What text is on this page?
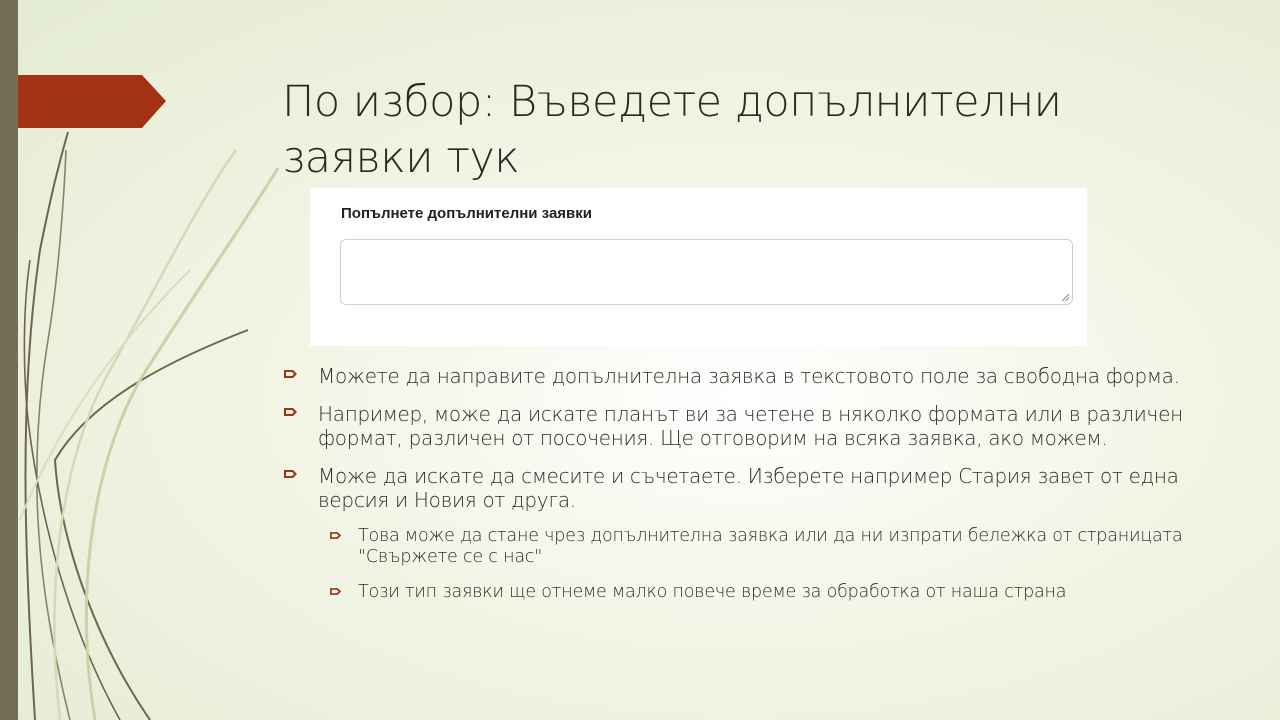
По избор: Въведете допълнителни заявки тук
Попълнете допълнителни заявки
Можете да направите допълнителна заявка в текстовото поле за свободна форма.
Например, може да искате планът ви за четене в няколко формата или в различен формат, различен от посочения. Ще отговорим на всяка заявка, ако можем.
Може да искате да смесите и съчетаете. Изберете например Стария завет от една версия и Новия от друга.
Това може да стане чрез допълнителна заявка или да ни изпрати бележка от страницата "Свържете се с нас"
Този тип заявки ще отнеме малко повече време за обработка от наша страна
